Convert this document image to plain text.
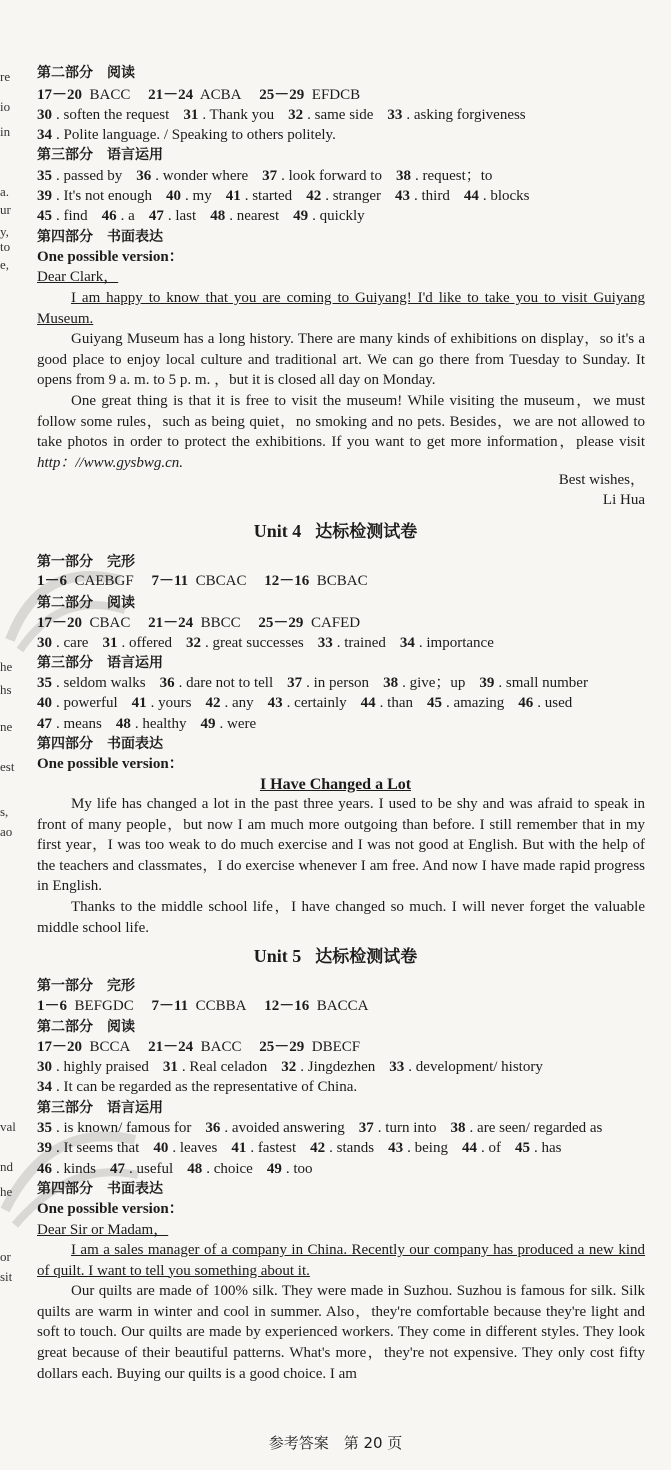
re
io
in
a.
ur
y,
to
e,
he
hs
ne
est
s,
ao
val
nd
he
or
sit
第二部分　阅读
17－20 BACC 21－24 ACBA 25－29 EFDCB
30 . soften the request 31 . Thank you 32 . same side 33 . asking forgiveness
34 . Polite language. / Speaking to others politely.
第三部分　语言运用
35 . passed by 36 . wonder where 37 . look forward to 38 . request；to
39 . It's not enough 40 . my 41 . started 42 . stranger 43 . third 44 . blocks
45 . find 46 . a 47 . last 48 . nearest 49 . quickly
第四部分　书面表达
One possible version：
Dear Clark，

I am happy to know that you are coming to Guiyang! I'd like to take you to visit Guiyang Museum.

Guiyang Museum has a long history. There are many kinds of exhibitions on display，so it's a good place to enjoy local culture and traditional art. We can go there from Tuesday to Sunday. It opens from 9 a. m. to 5 p. m. ，but it is closed all day on Monday.

One great thing is that it is free to visit the museum! While visiting the museum，we must follow some rules，such as being quiet，no smoking and no pets. Besides，we are not allowed to take photos in order to protect the exhibitions. If you want to get more information，please visit http：//www.gysbwg.cn.

Best wishes，
Li Hua
Unit 4 达标检测试卷
第一部分　完形
1－6 CAEBGF 7－11 CBCAC 12－16 BCBAC
第二部分　阅读
17－20 CBAC 21－24 BBCC 25－29 CAFED
30 . care 31 . offered 32 . great successes 33 . trained 34 . importance
第三部分　语言运用
35 . seldom walks 36 . dare not to tell 37 . in person 38 . give；up 39 . small number
40 . powerful 41 . yours 42 . any 43 . certainly 44 . than 45 . amazing 46 . used
47 . means 48 . healthy 49 . were
第四部分　书面表达
One possible version：
I Have Changed a Lot

My life has changed a lot in the past three years. I used to be shy and was afraid to speak in front of many people，but now I am much more outgoing than before. I still remember that in my first year，I was too weak to do much exercise and I was not good at English. But with the help of the teachers and classmates，I do exercise whenever I am free. And now I have made rapid progress in English.

Thanks to the middle school life，I have changed so much. I will never forget the valuable middle school life.

Unit 5 达标检测试卷
第一部分　完形
1－6 BEFGDC 7－11 CCBBA 12－16 BACCA
第二部分　阅读
17－20 BCCA 21－24 BACC 25－29 DBECF
30 . highly praised 31 . Real celadon 32 . Jingdezhen 33 . development/ history
34 . It can be regarded as the representative of China.
第三部分　语言运用
35 . is known/ famous for 36 . avoided answering 37 . turn into 38 . are seen/ regarded as
39 . It seems that 40 . leaves 41 . fastest 42 . stands 43 . being 44 . of 45 . has
46 . kinds 47 . useful 48 . choice 49 . too
第四部分　书面表达
One possible version：
Dear Sir or Madam，

I am a sales manager of a company in China. Recently our company has produced a new kind of quilt. I want to tell you something about it.

Our quilts are made of 100% silk. They were made in Suzhou. Suzhou is famous for silk. Silk quilts are warm in winter and cool in summer. Also，they're comfortable because they're light and soft to touch. Our quilts are made by experienced workers. They come in different styles. They look great because of their beautiful patterns. What's more，they're not expensive. They only cost fifty dollars each. Buying our quilts is a good choice. I am

参考答案　第 20 页
